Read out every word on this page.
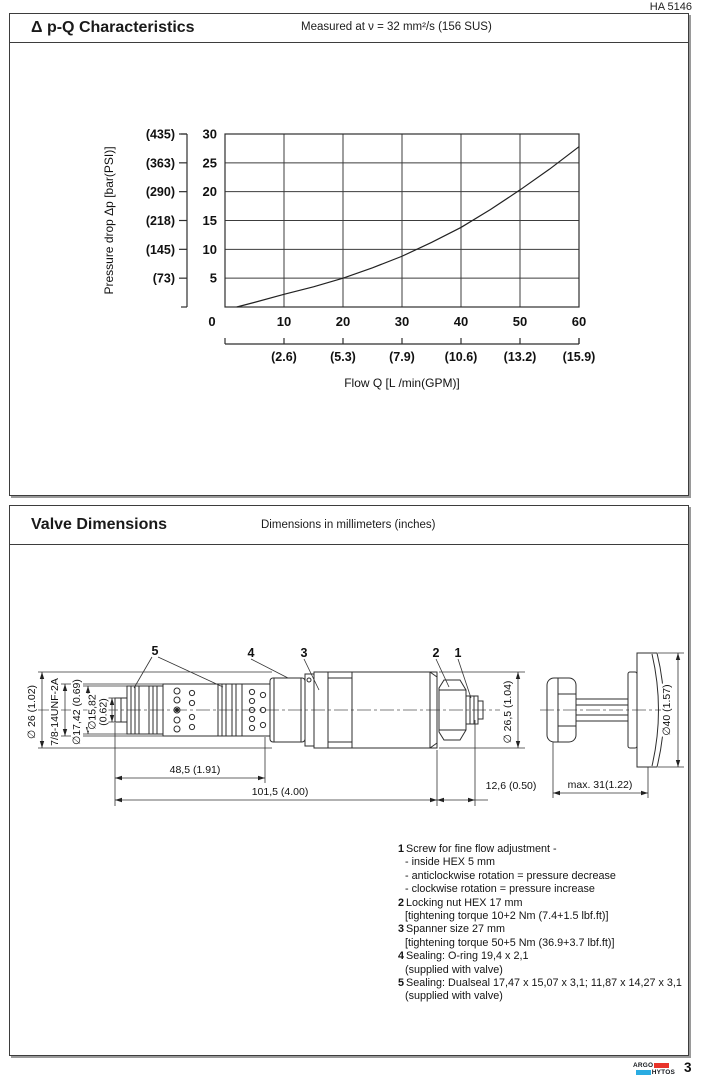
HA 5146
Δ p-Q Characteristics	Measured at ν = 32 mm²/s (156 SUS)
(435) 30
(363) 25
(290) 20
(218) 15
(145) 10
(73)	5
0	10	20	30	40	50	60
(2.6)	(5.3)	(7.9) (10.6) (13.2) (15.9)
Flow Q [L /min(GPM)]
Pressure drop Δp [bar(PSI)]
Valve Dimensions	Dimensions in millimeters (inches)
∅ 26 (1.02) 7/8-14UNF-2A ∅17,42 (0.69) ∅15,82
(0.62)	∅ 26,5 (1.04)	∅40 (1.57)
48,5 (1.91)
101,5 (4.00)	12,6 (0.50)	max. 31(1.22)
5	4	3	2 1
1 Screw for fine flow adjustment -
- inside HEX 5 mm
- anticlockwise rotation = pressure decrease
- clockwise rotation = pressure increase
2 Locking nut HEX 17 mm
[tightening torque 10+2 Nm (7.4+1.5 lbf.ft)]
3 Spanner size 27 mm
[tightening torque 50+5 Nm (36.9+3.7 lbf.ft)]
4 Sealing: O-ring 19,4 x 2,1
(supplied with valve)
5 Sealing: Dualseal 17,47 x 15,07 x 3,1; 11,87 x 14,27 x 3,1
(supplied with valve)
ARGO
HYTOS 3
